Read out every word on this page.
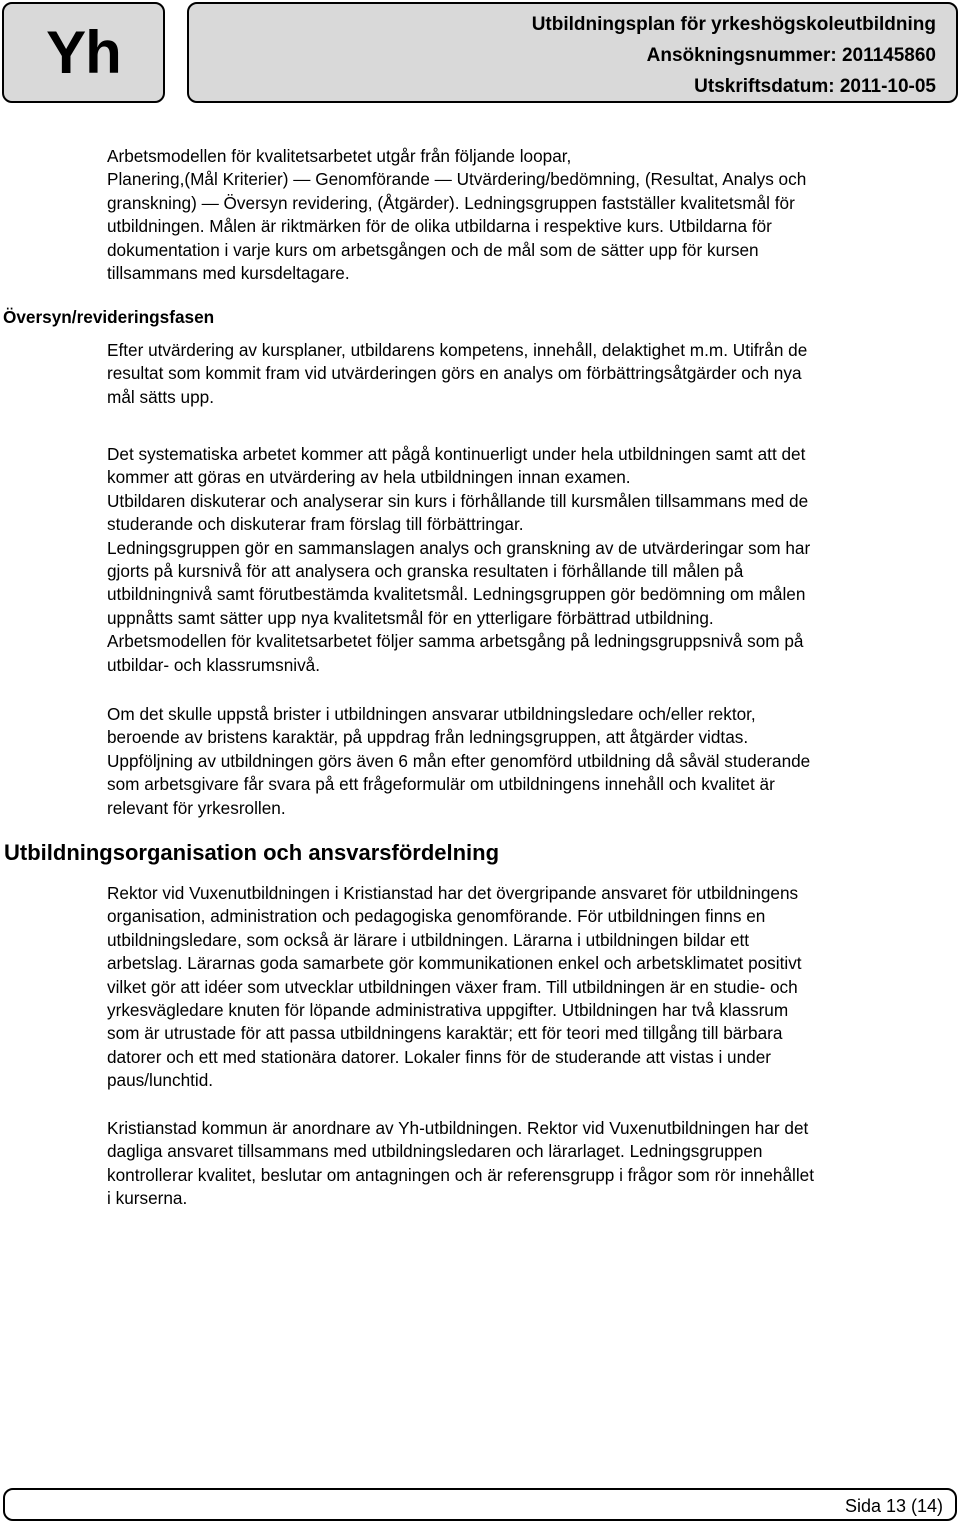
Yh	Utbildningsplan för yrkeshögskoleutbildning
Ansökningsnummer: 201145860
Utskriftsdatum: 2011-10-05

Arbetsmodellen för kvalitetsarbetet utgår från följande loopar,

Planering,(Mål Kriterier) — Genomförande — Utvärdering/bedömning, (Resultat, Analys och

granskning) — Översyn revidering, (Åtgärder). Ledningsgruppen fastställer kvalitetsmål för

utbildningen. Målen är riktmärken för de olika utbildarna i respektive kurs. Utbildarna för

dokumentation i varje kurs om arbetsgången och de mål som de sätter upp för kursen

tillsammans med kursdeltagare.

Översyn/revideringsfasen

Efter utvärdering av kursplaner, utbildarens kompetens, innehåll, delaktighet m.m. Utifrån de

resultat som kommit fram vid utvärderingen görs en analys om förbättringsåtgärder och nya

mål sätts upp.

Det systematiska arbetet kommer att pågå kontinuerligt under hela utbildningen samt att det

kommer att göras en utvärdering av hela utbildningen innan examen.

Utbildaren diskuterar och analyserar sin kurs i förhållande till kursmålen tillsammans med de

studerande och diskuterar fram förslag till förbättringar.

Ledningsgruppen gör en sammanslagen analys och granskning av de utvärderingar som har

gjorts på kursnivå för att analysera och granska resultaten i förhållande till målen på

utbildningnivå samt förutbestämda kvalitetsmål. Ledningsgruppen gör bedömning om målen

uppnåtts samt sätter upp nya kvalitetsmål för en ytterligare förbättrad utbildning.

Arbetsmodellen för kvalitetsarbetet följer samma arbetsgång på ledningsgruppsnivå som på

utbildar- och klassrumsnivå.

Om det skulle uppstå brister i utbildningen ansvarar utbildningsledare och/eller rektor,

beroende av bristens karaktär, på uppdrag från ledningsgruppen, att åtgärder vidtas.

Uppföljning av utbildningen görs även 6 mån efter genomförd utbildning då såväl studerande

som arbetsgivare får svara på ett frågeformulär om utbildningens innehåll och kvalitet är

relevant för yrkesrollen.

Utbildningsorganisation och ansvarsfördelning

Rektor vid Vuxenutbildningen i Kristianstad har det övergripande ansvaret för utbildningens

organisation, administration och pedagogiska genomförande. För utbildningen finns en

utbildningsledare, som också är lärare i utbildningen. Lärarna i utbildningen bildar ett

arbetslag. Lärarnas goda samarbete gör kommunikationen enkel och arbetsklimatet positivt

vilket gör att idéer som utvecklar utbildningen växer fram. Till utbildningen är en studie- och

yrkesvägledare knuten för löpande administrativa uppgifter. Utbildningen har två klassrum

som är utrustade för att passa utbildningens karaktär; ett för teori med tillgång till bärbara

datorer och ett med stationära datorer. Lokaler finns för de studerande att vistas i under

paus/lunchtid.

Kristianstad kommun är anordnare av Yh-utbildningen. Rektor vid Vuxenutbildningen har det

dagliga ansvaret tillsammans med utbildningsledaren och lärarlaget. Ledningsgruppen

kontrollerar kvalitet, beslutar om antagningen och är referensgrupp i frågor som rör innehållet

i kurserna.

Sida 13 (14)
